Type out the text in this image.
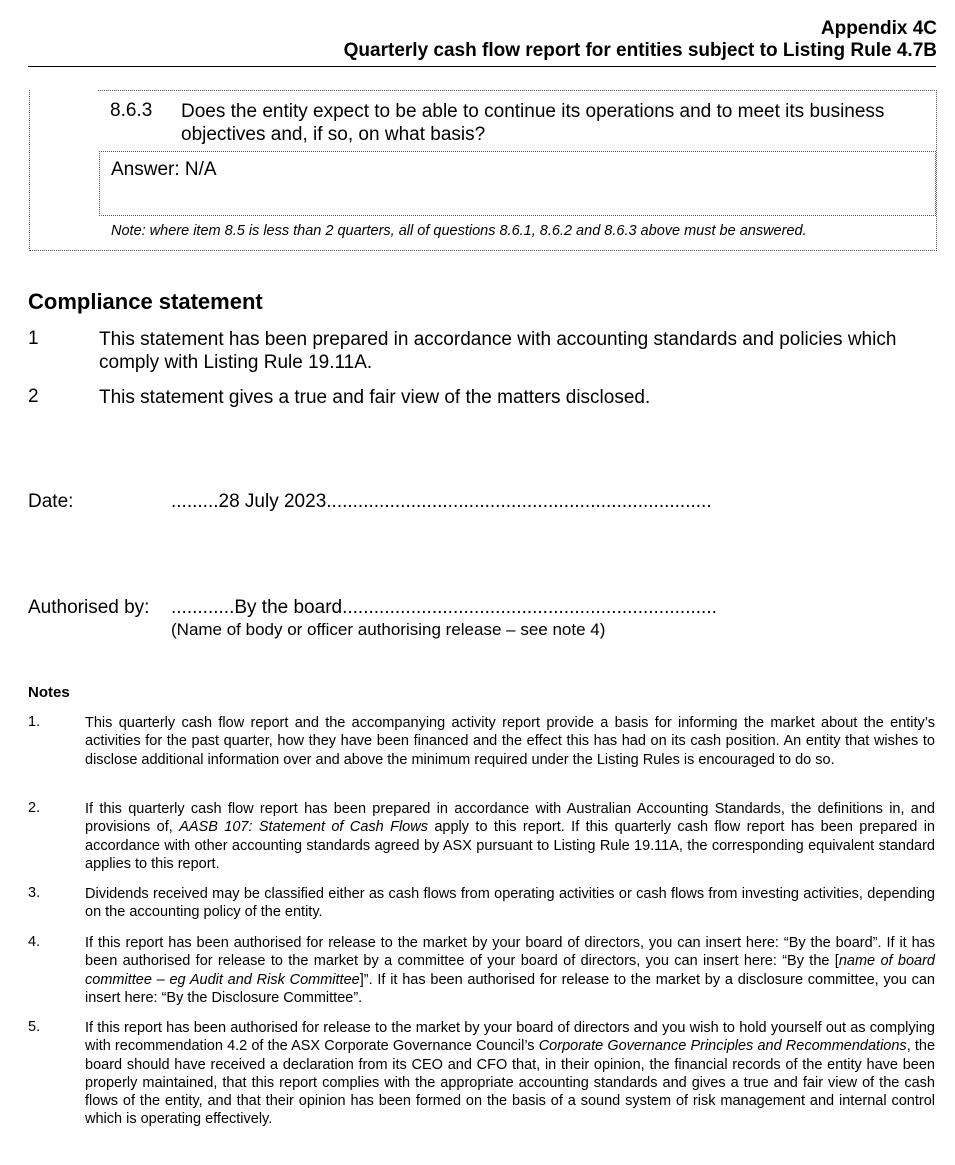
Appendix 4C
Quarterly cash flow report for entities subject to Listing Rule 4.7B
8.6.3 Does the entity expect to be able to continue its operations and to meet its business objectives and, if so, on what basis?
Answer: N/A
Note: where item 8.5 is less than 2 quarters, all of questions 8.6.1, 8.6.2 and 8.6.3 above must be answered.
Compliance statement
1	This statement has been prepared in accordance with accounting standards and policies which comply with Listing Rule 19.11A.
2	This statement gives a true and fair view of the matters disclosed.
Date:	.........28 July 2023.........................................................................
Authorised by: ............By the board.......................................................................
(Name of body or officer authorising release – see note 4)
Notes
1.	This quarterly cash flow report and the accompanying activity report provide a basis for informing the market about the entity’s activities for the past quarter, how they have been financed and the effect this has had on its cash position. An entity that wishes to disclose additional information over and above the minimum required under the Listing Rules is encouraged to do so.
2.	If this quarterly cash flow report has been prepared in accordance with Australian Accounting Standards, the definitions in, and provisions of, AASB 107: Statement of Cash Flows apply to this report. If this quarterly cash flow report has been prepared in accordance with other accounting standards agreed by ASX pursuant to Listing Rule 19.11A, the corresponding equivalent standard applies to this report.
3.	Dividends received may be classified either as cash flows from operating activities or cash flows from investing activities, depending on the accounting policy of the entity.
4.	If this report has been authorised for release to the market by your board of directors, you can insert here: “By the board”. If it has been authorised for release to the market by a committee of your board of directors, you can insert here: “By the [name of board committee – eg Audit and Risk Committee]”. If it has been authorised for release to the market by a disclosure committee, you can insert here: “By the Disclosure Committee”.
5.	If this report has been authorised for release to the market by your board of directors and you wish to hold yourself out as complying with recommendation 4.2 of the ASX Corporate Governance Council’s Corporate Governance Principles and Recommendations, the board should have received a declaration from its CEO and CFO that, in their opinion, the financial records of the entity have been properly maintained, that this report complies with the appropriate accounting standards and gives a true and fair view of the cash flows of the entity, and that their opinion has been formed on the basis of a sound system of risk management and internal control which is operating effectively.
